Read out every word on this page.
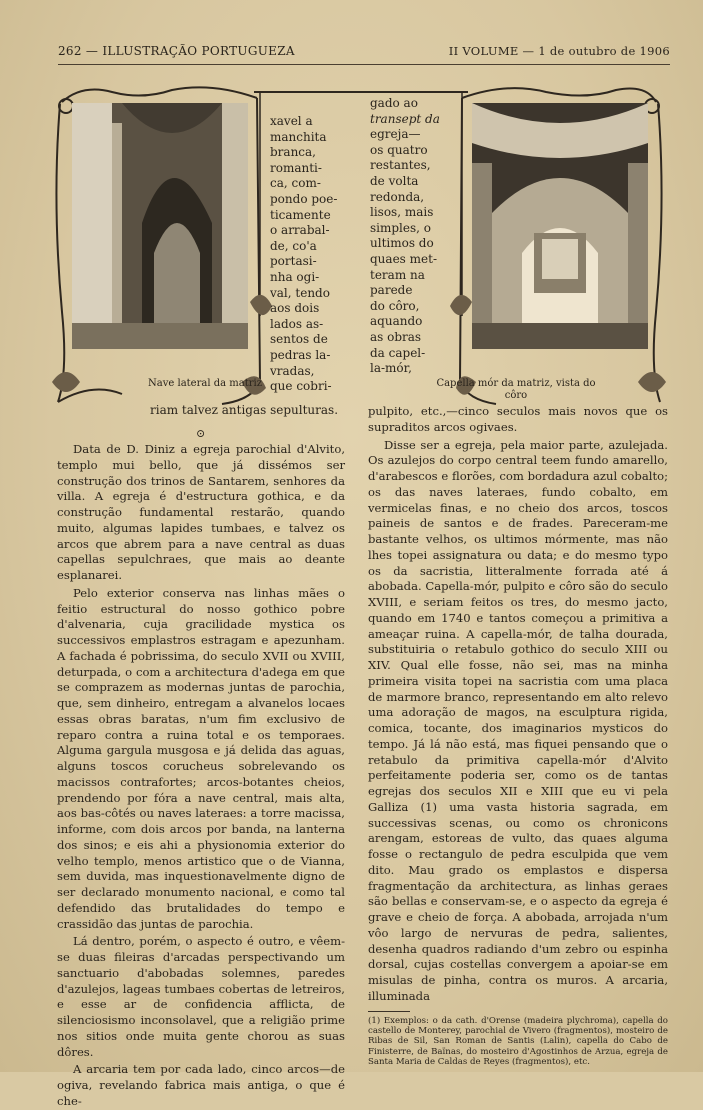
262 — ILLUSTRAÇÃO PORTUGUEZA	II VOLUME — 1 de outubro de 1906
Nave lateral da matriz	Capella mór da matriz, vista do côro
xavel a
manchita
branca,
romanti-
ca, com-
pondo poe-
ticamente
o arrabal-
de, co'a
portasi-
nha ogi-
val, tendo
aos dois
lados as-
sentos de
pedras la-
vradas,
que cobri-
gado ao
transept da
egreja—
os quatro
restantes,
de volta
redonda,
lisos, mais
simples, o
ultimos do
quaes met-
teram na
parede
do côro,
aquando
as obras
da capel-
la-mór,
riam talvez antigas sepulturas.
⊙

Data de D. Diniz a egreja parochial d'Alvito, templo mui bello, que já dissémos ser construção dos trinos de Santarem, senhores da villa. A egreja é d'estructura gothica, e da construção fundamental restarão, quando muito, algumas lapides tumbaes, e talvez os arcos que abrem para a nave central as duas capellas sepulchraes, que mais ao deante esplanarei.

Pelo exterior conserva nas linhas mães o feitio estructural do nosso gothico pobre d'alvenaria, cuja gracilidade mystica os successivos emplastros estragam e apezunham. A fachada é pobrissima, do seculo XVII ou XVIII, deturpada, o com a architectura d'adega em que se comprazem as modernas juntas de parochia, que, sem dinheiro, entregam a alvanelos locaes essas obras baratas, n'um fim exclusivo de reparo contra a ruina total e os temporaes. Alguma gargula musgosa e já delida das aguas, alguns toscos corucheus sobrelevando os macissos contrafortes; arcos-botantes cheios, prendendo por fóra a nave central, mais alta, aos bas-côtés ou naves lateraes: a torre macissa, informe, com dois arcos por banda, na lanterna dos sinos; e eis ahi a physionomia exterior do velho templo, menos artistico que o de Vianna, sem duvida, mas inquestionavelmente digno de ser declarado monumento nacional, e como tal defendido das brutalidades do tempo e crassidão das juntas de parochia.

Lá dentro, porém, o aspecto é outro, e vêem-se duas fileiras d'arcadas perspectivando um sanctuario d'abobadas solemnes, paredes d'azulejos, lageas tumbaes cobertas de letreiros, e esse ar de confidencia afflicta, de silenciosismo inconsolavel, que a religião prime nos sitios onde muita gente chorou as suas dôres.

A arcaria tem por cada lado, cinco arcos—de ogiva, revelando fabrica mais antiga, o que é che-

pulpito, etc.,—cinco seculos mais novos que os supraditos arcos ogivaes.

Disse ser a egreja, pela maior parte, azulejada. Os azulejos do corpo central teem fundo amarello, d'arabescos e florões, com bordadura azul cobalto; os das naves lateraes, fundo cobalto, em vermicelas finas, e no cheio dos arcos, toscos paineis de santos e de frades. Pareceram-me bastante velhos, os ultimos mórmente, mas não lhes topei assignatura ou data; e do mesmo typo os da sacristia, litteralmente forrada até á abobada. Capella-mór, pulpito e côro são do seculo XVIII, e seriam feitos os tres, do mesmo jacto, quando em 1740 e tantos começou a primitiva a ameaçar ruina. A capella-mór, de talha dourada, substituiria o retabulo gothico do seculo XIII ou XIV. Qual elle fosse, não sei, mas na minha primeira visita topei na sacristia com uma placa de marmore branco, representando em alto relevo uma adoração de magos, na esculptura rigida, comica, tocante, dos imaginarios mysticos do tempo. Já lá não está, mas fiquei pensando que o retabulo da primitiva capella-mór d'Alvito perfeitamente poderia ser, como os de tantas egrejas dos seculos XII e XIII que eu vi pela Galliza (1) uma vasta historia sagrada, em successivas scenas, ou como os chronicons arengam, estoreas de vulto, das quaes alguma fosse o rectangulo de pedra esculpida que vem dito. Mau grado os emplastos e dispersa fragmentação da architectura, as linhas geraes são bellas e conservam-se, e o aspecto da egreja é grave e cheio de força. A abobada, arrojada n'um vôo largo de nervuras de pedra, salientes, desenha quadros radiando d'um zebro ou espinha dorsal, cujas costellas convergem a apoiar-se em misulas de pinha, contra os muros. A arcaria, illuminada

(1) Exemplos: o da cath. d'Orense (madeira plychroma), capella do castello de Monterey, parochial de Vivero (fragmentos), mosteiro de Ribas de Sil, San Roman de Santis (Lalin), capella do Cabo de Finisterre, de Baïnas, do mosteiro d'Agostinhos de Arzua, egreja de Santa Maria de Caldas de Reyes (fragmentos), etc.
